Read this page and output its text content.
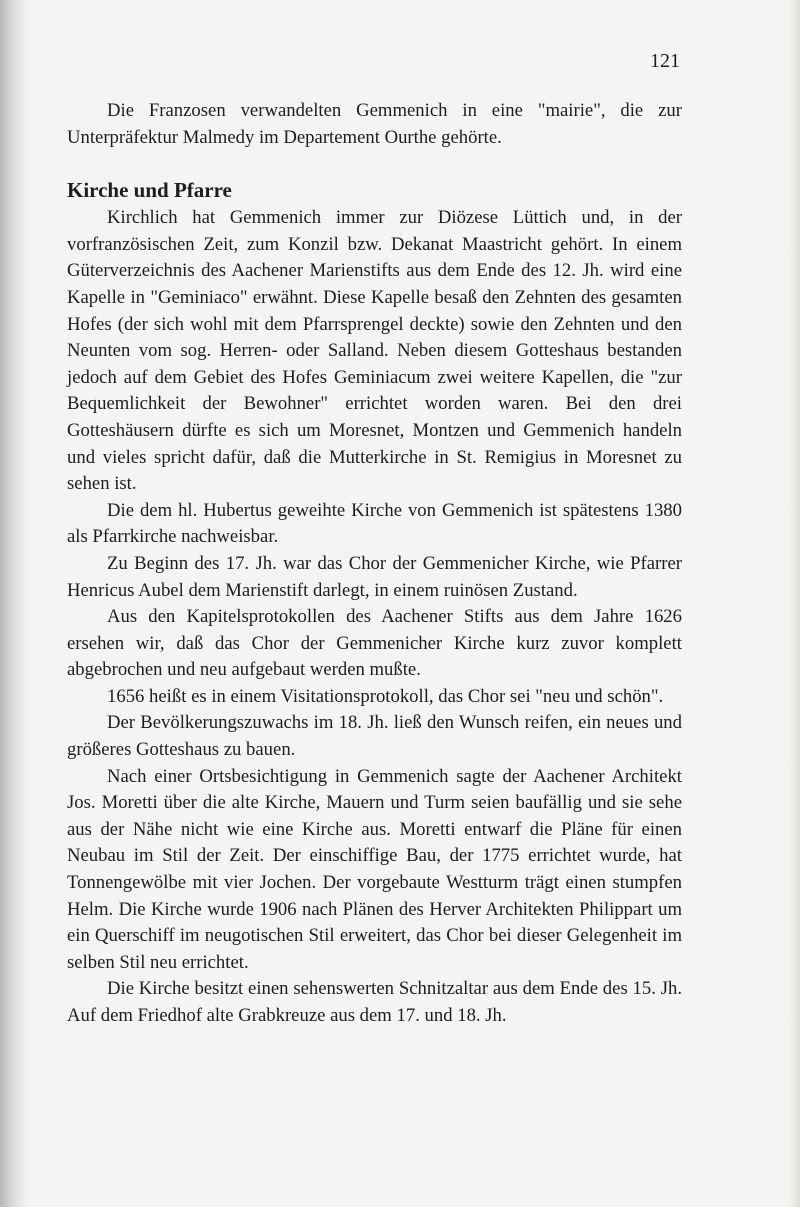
121

Die Franzosen verwandelten Gemmenich in eine "mairie", die zur Unterpräfektur Malmedy im Departement Ourthe gehörte.

Kirche und Pfarre

Kirchlich hat Gemmenich immer zur Diözese Lüttich und, in der vorfranzösischen Zeit, zum Konzil bzw. Dekanat Maastricht gehört. In einem Güterverzeichnis des Aachener Marienstifts aus dem Ende des 12. Jh. wird eine Kapelle in "Geminiaco" erwähnt. Diese Kapelle besaß den Zehnten des gesamten Hofes (der sich wohl mit dem Pfarrsprengel deckte) sowie den Zehnten und den Neunten vom sog. Herren- oder Salland. Neben diesem Gotteshaus bestanden jedoch auf dem Gebiet des Hofes Geminiacum zwei weitere Kapellen, die "zur Bequemlichkeit der Bewohner" errichtet worden waren. Bei den drei Gotteshäusern dürfte es sich um Moresnet, Montzen und Gemmenich handeln und vieles spricht dafür, daß die Mutterkirche in St. Remigius in Moresnet zu sehen ist.

Die dem hl. Hubertus geweihte Kirche von Gemmenich ist spätestens 1380 als Pfarrkirche nachweisbar.

Zu Beginn des 17. Jh. war das Chor der Gemmenicher Kirche, wie Pfarrer Henricus Aubel dem Marienstift darlegt, in einem ruinösen Zustand.

Aus den Kapitelsprotokollen des Aachener Stifts aus dem Jahre 1626 ersehen wir, daß das Chor der Gemmenicher Kirche kurz zuvor komplett abgebrochen und neu aufgebaut werden mußte.

1656 heißt es in einem Visitationsprotokoll, das Chor sei "neu und schön".

Der Bevölkerungszuwachs im 18. Jh. ließ den Wunsch reifen, ein neues und größeres Gotteshaus zu bauen.

Nach einer Ortsbesichtigung in Gemmenich sagte der Aachener Architekt Jos. Moretti über die alte Kirche, Mauern und Turm seien baufällig und sie sehe aus der Nähe nicht wie eine Kirche aus. Moretti entwarf die Pläne für einen Neubau im Stil der Zeit. Der einschiffige Bau, der 1775 errichtet wurde, hat Tonnengewölbe mit vier Jochen. Der vorgebaute Westturm trägt einen stumpfen Helm. Die Kirche wurde 1906 nach Plänen des Herver Architekten Philippart um ein Querschiff im neugotischen Stil erweitert, das Chor bei dieser Gelegenheit im selben Stil neu errichtet.

Die Kirche besitzt einen sehenswerten Schnitzaltar aus dem Ende des 15. Jh. Auf dem Friedhof alte Grabkreuze aus dem 17. und 18. Jh.
